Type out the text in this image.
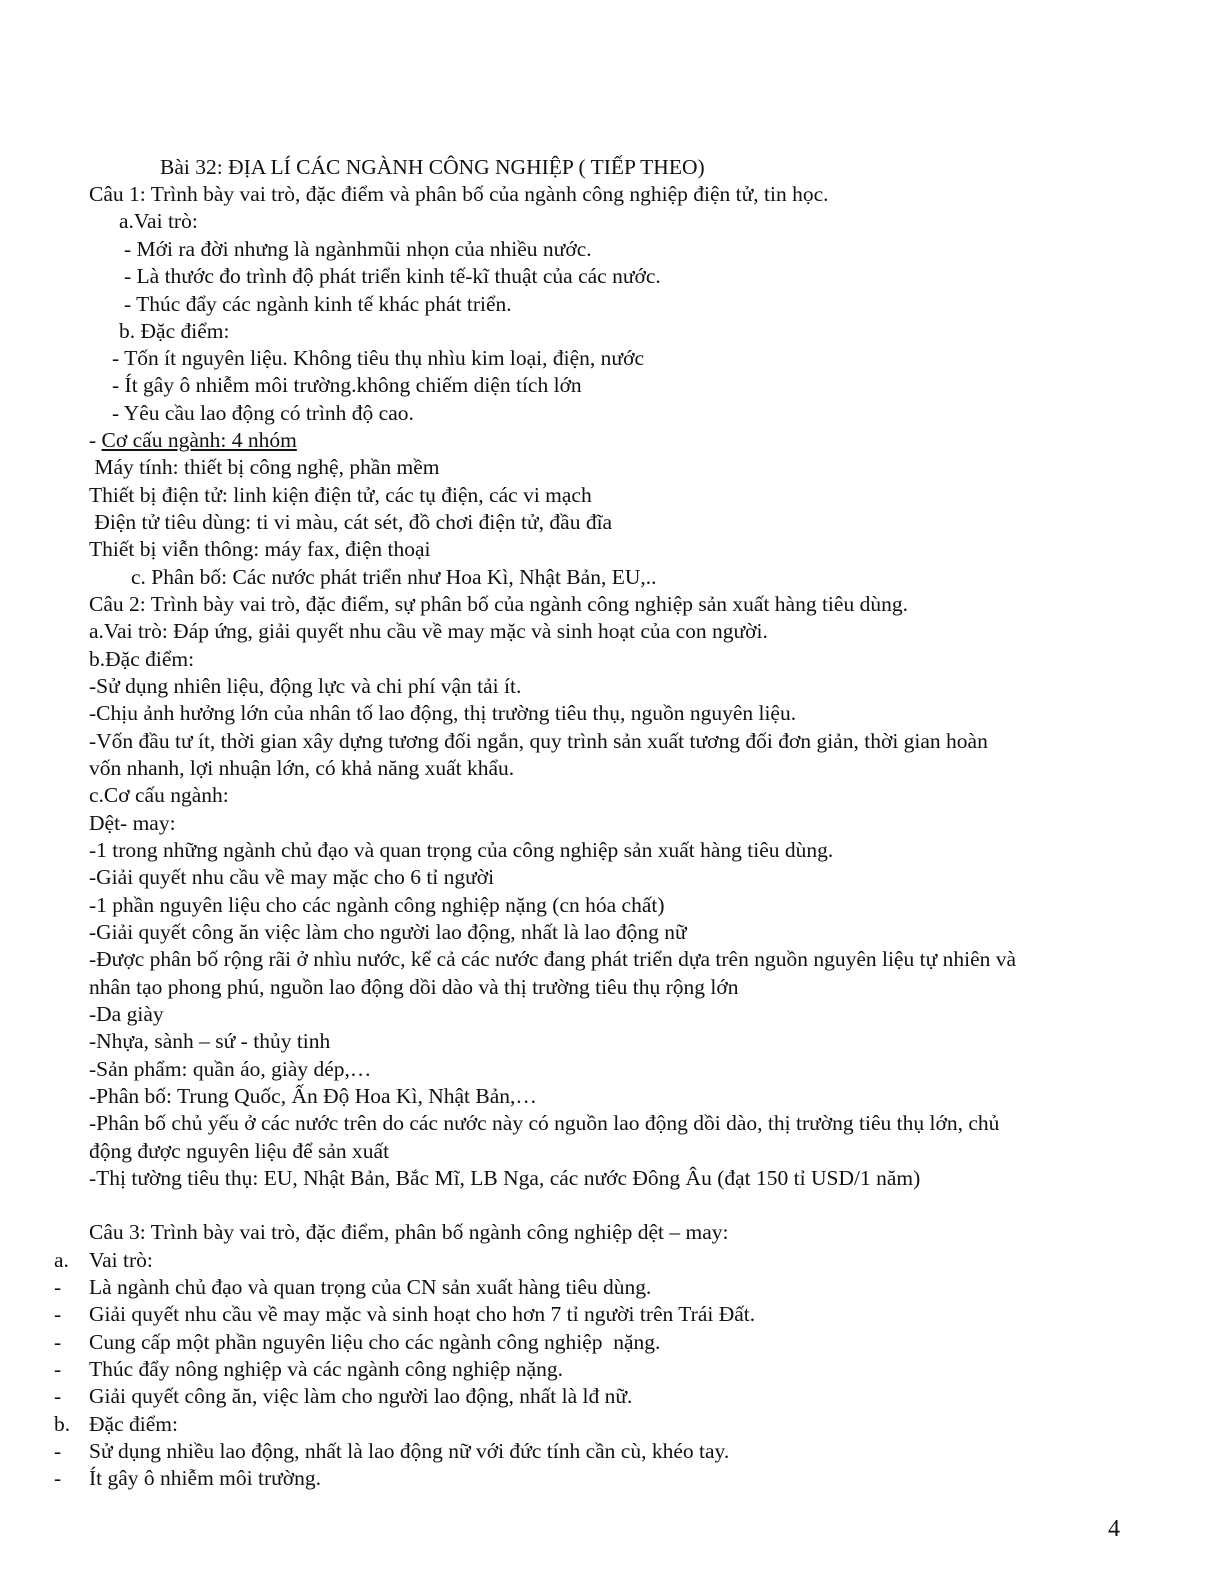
Bài 32: ĐỊA LÍ CÁC NGÀNH CÔNG NGHIỆP ( TIẾP THEO)
Câu 1: Trình bày vai trò, đặc điểm và phân bố của ngành công nghiệp điện tử, tin học.
a.Vai trò:
- Mới ra đời nhưng là ngànhmũi nhọn của nhiều nước.
- Là thước đo trình độ phát triển kinh tế-kĩ thuật của các nước.
- Thúc đẩy các ngành kinh tế khác phát triển.
b. Đặc điểm:
- Tốn ít nguyên liệu. Không tiêu thụ nhìu kim loại, điện, nước
- Ít gây ô nhiễm môi trường.không chiếm diện tích lớn
- Yêu cầu lao động có trình độ cao.
- Cơ cấu ngành: 4 nhóm
Máy tính: thiết bị công nghệ, phần mềm
Thiết bị điện tử: linh kiện điện tử, các tụ điện, các vi mạch
Điện tử tiêu dùng: ti vi màu, cát sét, đồ chơi điện tử, đầu đĩa
Thiết bị viễn thông: máy fax, điện thoại
c. Phân bố: Các nước phát triển như Hoa Kì, Nhật Bản, EU,..
Câu 2: Trình bày vai trò, đặc điểm, sự phân bố của ngành công nghiệp sản xuất hàng tiêu dùng.
a.Vai trò: Đáp ứng, giải quyết nhu cầu về may mặc và sinh hoạt của con người.
b.Đặc điểm:
-Sử dụng nhiên liệu, động lực và chi phí vận tải ít.
-Chịu ảnh hưởng lớn của nhân tố lao động, thị trường tiêu thụ, nguồn nguyên liệu.
-Vốn đầu tư ít, thời gian xây dựng tương đối ngắn, quy trình sản xuất tương đối đơn giản, thời gian hoàn
vốn nhanh, lợi nhuận lớn, có khả năng xuất khẩu.
c.Cơ cấu ngành:
Dệt- may:
-1 trong những ngành chủ đạo và quan trọng của công nghiệp sản xuất hàng tiêu dùng.
-Giải quyết nhu cầu về may mặc cho 6 tỉ người
-1 phần nguyên liệu cho các ngành công nghiệp nặng (cn hóa chất)
-Giải quyết công ăn việc làm cho người lao động, nhất là lao động nữ
-Được phân bố rộng rãi ở nhìu nước, kể cả các nước đang phát triển dựa trên nguồn nguyên liệu tự nhiên và
nhân tạo phong phú, nguồn lao động dồi dào và thị trường tiêu thụ rộng lớn
-Da giày
-Nhựa, sành – sứ - thủy tinh
-Sản phẩm: quần áo, giày dép,…
-Phân bố: Trung Quốc, Ấn Độ Hoa Kì, Nhật Bản,…
-Phân bố chủ yếu ở các nước trên do các nước này có nguồn lao động dồi dào, thị trường tiêu thụ lớn, chủ
động được nguyên liệu để sản xuất
-Thị tường tiêu thụ: EU, Nhật Bản, Bắc Mĩ, LB Nga, các nước Đông Âu (đạt 150 tỉ USD/1 năm)
Câu 3: Trình bày vai trò, đặc điểm, phân bố ngành công nghiệp dệt – may:
a. Vai trò:
- Là ngành chủ đạo và quan trọng của CN sản xuất hàng tiêu dùng.
- Giải quyết nhu cầu về may mặc và sinh hoạt cho hơn 7 tỉ người trên Trái Đất.
- Cung cấp một phần nguyên liệu cho các ngành công nghiệp  nặng.
- Thúc đẩy nông nghiệp và các ngành công nghiệp nặng.
- Giải quyết công ăn, việc làm cho người lao động, nhất là lđ nữ.
b. Đặc điểm:
- Sử dụng nhiều lao động, nhất là lao động nữ với đức tính cần cù, khéo tay.
- Ít gây ô nhiễm môi trường.
4
